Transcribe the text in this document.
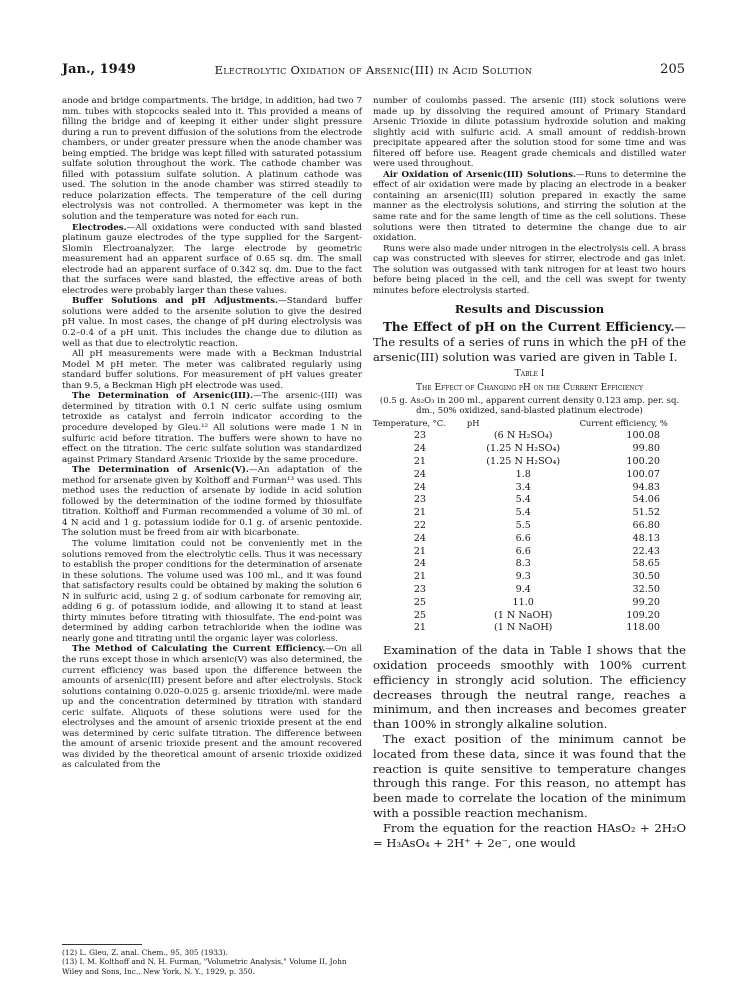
Jan., 1949	Electrolytic Oxidation of Arsenic(III) in Acid Solution	205

anode and bridge compartments. The bridge, in addition, had two 7 mm. tubes with stopcocks sealed into it. This provided a means of filling the bridge and of keeping it either under slight pressure during a run to prevent diffusion of the solutions from the electrode chambers, or under greater pressure when the anode chamber was being emptied. The bridge was kept filled with saturated potassium sulfate solution throughout the work. The cathode chamber was filled with potassium sulfate solution. A platinum cathode was used. The solution in the anode chamber was stirred steadily to reduce polarization effects. The temperature of the cell during electrolysis was not controlled. A thermometer was kept in the solution and the temperature was noted for each run.

Electrodes.—All oxidations were conducted with sand blasted platinum gauze electrodes of the type supplied for the Sargent-Slomin Electroanalyzer. The large electrode by geometric measurement had an apparent surface of 0.65 sq. dm. The small electrode had an apparent surface of 0.342 sq. dm. Due to the fact that the surfaces were sand blasted, the effective areas of both electrodes were probably larger than these values.

Buffer Solutions and pH Adjustments.—Standard buffer solutions were added to the arsenite solution to give the desired pH value. In most cases, the change of pH during electrolysis was 0.2–0.4 of a pH unit. This includes the change due to dilution as well as that due to electrolytic reaction.

All pH measurements were made with a Beckman Industrial Model M pH meter. The meter was calibrated regularly using standard buffer solutions. For measurement of pH values greater than 9.5, a Beckman High pH electrode was used.

The Determination of Arsenic(III).—The arsenic-(III) was determined by titration with 0.1 N ceric sulfate using osmium tetroxide as catalyst and ferroin indicator according to the procedure developed by Gleu.¹² All solutions were made 1 N in sulfuric acid before titration. The buffers were shown to have no effect on the titration. The ceric sulfate solution was standardized against Primary Standard Arsenic Trioxide by the same procedure.

The Determination of Arsenic(V).—An adaptation of the method for arsenate given by Kolthoff and Furman¹³ was used. This method uses the reduction of arsenate by iodide in acid solution followed by the determination of the iodine formed by thiosulfate titration. Kolthoff and Furman recommended a volume of 30 ml. of 4 N acid and 1 g. potassium iodide for 0.1 g. of arsenic pentoxide. The solution must be freed from air with bicarbonate.

The volume limitation could not be conveniently met in the solutions removed from the electrolytic cells. Thus it was necessary to establish the proper conditions for the determination of arsenate in these solutions. The volume used was 100 ml., and it was found that satisfactory results could be obtained by making the solution 6 N in sulfuric acid, using 2 g. of sodium carbonate for removing air, adding 6 g. of potassium iodide, and allowing it to stand at least thirty minutes before titrating with thiosulfate. The end-point was determined by adding carbon tetrachloride when the iodine was nearly gone and titrating until the organic layer was colorless.

The Method of Calculating the Current Efficiency.—On all the runs except those in which arsenic(V) was also determined, the current efficiency was based upon the difference between the amounts of arsenic(III) present before and after electrolysis. Stock solutions containing 0.020–0.025 g. arsenic trioxide/ml. were made up and the concentration determined by titration with standard ceric sulfate. Aliquots of these solutions were used for the electrolyses and the amount of arsenic trioxide present at the end was determined by ceric sulfate titration. The difference between the amount of arsenic trioxide present and the amount recovered was divided by the theoretical amount of arsenic trioxide oxidized as calculated from the

(12) L. Gleu, Z. anal. Chem., 95, 305 (1933).
(13) I. M. Kolthoff and N. H. Furman, "Volumetric Analysis," Volume II, John Wiley and Sons, Inc., New York, N. Y., 1929, p. 350.

number of coulombs passed. The arsenic (III) stock solutions were made up by dissolving the required amount of Primary Standard Arsenic Trioxide in dilute potassium hydroxide solution and making slightly acid with sulfuric acid. A small amount of reddish-brown precipitate appeared after the solution stood for some time and was filtered off before use. Reagent grade chemicals and distilled water were used throughout.

Air Oxidation of Arsenic(III) Solutions.—Runs to determine the effect of air oxidation were made by placing an electrode in a beaker containing an arsenic(III) solution prepared in exactly the same manner as the electrolysis solutions, and stirring the solution at the same rate and for the same length of time as the cell solutions. These solutions were then titrated to determine the change due to air oxidation.

Runs were also made under nitrogen in the electrolysis cell. A brass cap was constructed with sleeves for stirrer, electrode and gas inlet. The solution was outgassed with tank nitrogen for at least two hours before being placed in the cell, and the cell was swept for twenty minutes before electrolysis started.

Results and Discussion

The Effect of pH on the Current Efficiency.—The results of a series of runs in which the pH of the arsenic(III) solution was varied are given in Table I.

Table I
The Effect of Changing pH on the Current Efficiency
(0.5 g. As₂O₃ in 200 ml., apparent current density 0.123 amp. per. sq. dm., 50% oxidized, sand-blasted platinum electrode)
Temperature, °C.	pH	Current efficiency, %
23	(6 N H₂SO₄)	100.08
24	(1.25 N H₂SO₄)	99.80
21	(1.25 N H₂SO₄)	100.20
24	1.8	100.07
24	3.4	94.83
23	5.4	54.06
21	5.4	51.52
22	5.5	66.80
24	6.6	48.13
21	6.6	22.43
24	8.3	58.65
21	9.3	30.50
23	9.4	32.50
25	11.0	99.20
25	(1 N NaOH)	109.20
21	(1 N NaOH)	118.00

Examination of the data in Table I shows that the oxidation proceeds smoothly with 100% current efficiency in strongly acid solution. The efficiency decreases through the neutral range, reaches a minimum, and then increases and becomes greater than 100% in strongly alkaline solution.

The exact position of the minimum cannot be located from these data, since it was found that the reaction is quite sensitive to temperature changes through this range. For this reason, no attempt has been made to correlate the location of the minimum with a possible reaction mechanism.

From the equation for the reaction HAsO₂ + 2H₂O = H₃AsO₄ + 2H⁺ + 2e⁻, one would
